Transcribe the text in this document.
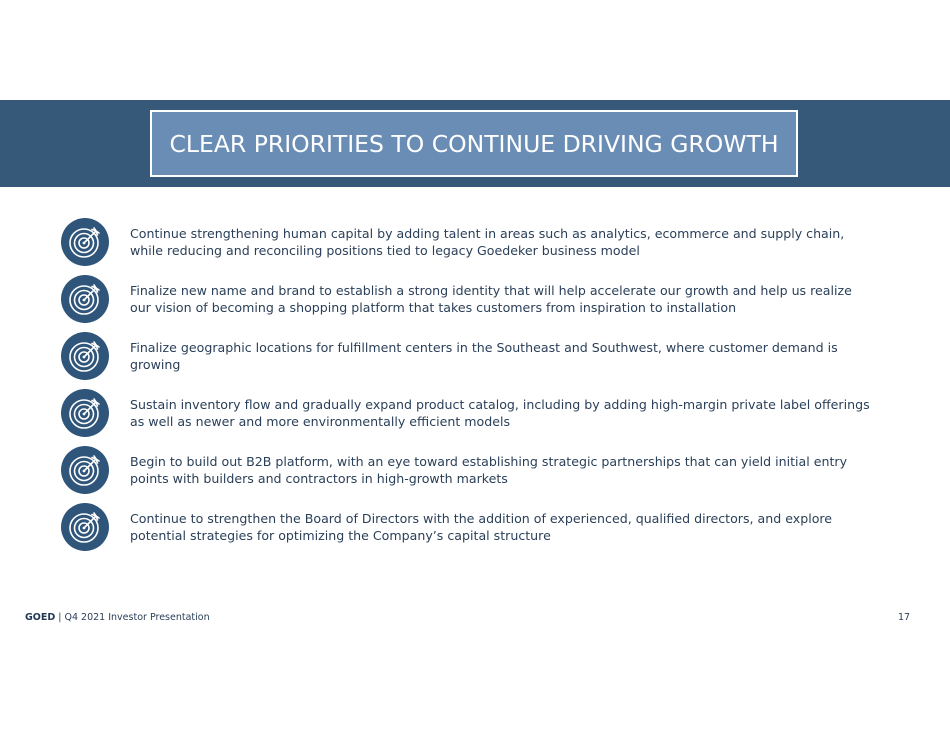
CLEAR PRIORITIES TO CONTINUE DRIVING GROWTH
Continue strengthening human capital by adding talent in areas such as analytics, ecommerce and supply chain, while reducing and reconciling positions tied to legacy Goedeker business model
Finalize new name and brand to establish a strong identity that will help accelerate our growth and help us realize our vision of becoming a shopping platform that takes customers from inspiration to installation
Finalize geographic locations for fulfillment centers in the Southeast and Southwest, where customer demand is growing
Sustain inventory flow and gradually expand product catalog, including by adding high-margin private label offerings as well as newer and more environmentally efficient models
Begin to build out B2B platform, with an eye toward establishing strategic partnerships that can yield initial entry points with builders and contractors in high-growth markets
Continue to strengthen the Board of Directors with the addition of experienced, qualified directors, and explore potential strategies for optimizing the Company’s capital structure
GOED | Q4 2021 Investor Presentation	17
